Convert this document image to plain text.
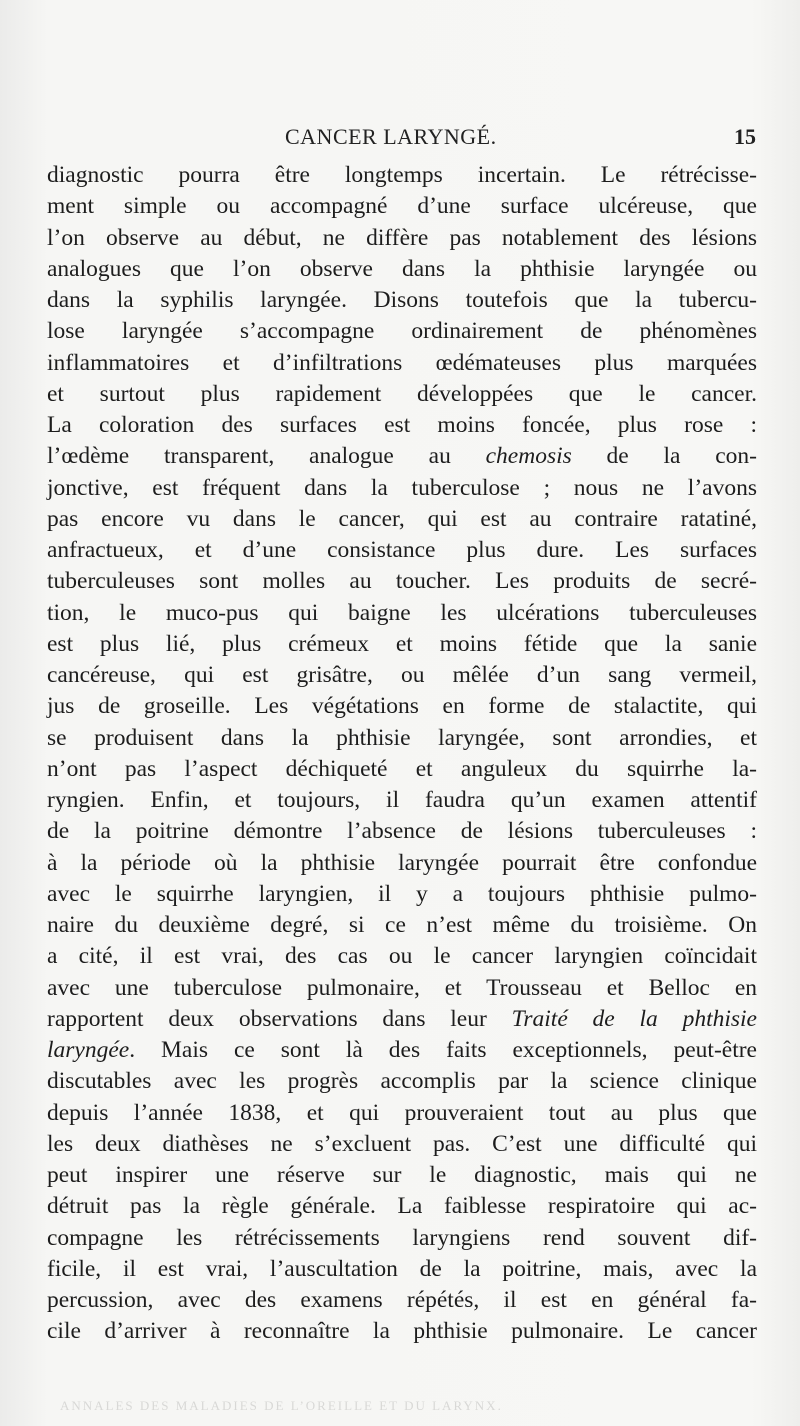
CANCER LARYNGÉ.	15
diagnostic pourra être longtemps incertain. Le rétrécisse-
ment simple ou accompagné d’une surface ulcéreuse, que
l’on observe au début, ne diffère pas notablement des lésions
analogues que l’on observe dans la phthisie laryngée ou
dans la syphilis laryngée. Disons toutefois que la tubercu-
lose laryngée s’accompagne ordinairement de phénomènes
inflammatoires et d’infiltrations œdémateuses plus marquées
et surtout plus rapidement développées que le cancer.
La coloration des surfaces est moins foncée, plus rose :
l’œdème transparent, analogue au chemosis de la con-
jonctive, est fréquent dans la tuberculose ; nous ne l’avons
pas encore vu dans le cancer, qui est au contraire ratatiné,
anfractueux, et d’une consistance plus dure. Les surfaces
tuberculeuses sont molles au toucher. Les produits de secré-
tion, le muco-pus qui baigne les ulcérations tuberculeuses
est plus lié, plus crémeux et moins fétide que la sanie
cancéreuse, qui est grisâtre, ou mêlée d’un sang vermeil,
jus de groseille. Les végétations en forme de stalactite, qui
se produisent dans la phthisie laryngée, sont arrondies, et
n’ont pas l’aspect déchiqueté et anguleux du squirrhe la-
ryngien. Enfin, et toujours, il faudra qu’un examen attentif
de la poitrine démontre l’absence de lésions tuberculeuses :
à la période où la phthisie laryngée pourrait être confondue
avec le squirrhe laryngien, il y a toujours phthisie pulmo-
naire du deuxième degré, si ce n’est même du troisième. On
a cité, il est vrai, des cas ou le cancer laryngien coïncidait
avec une tuberculose pulmonaire, et Trousseau et Belloc en
rapportent deux observations dans leur Traité de la phthisie
laryngée. Mais ce sont là des faits exceptionnels, peut-être
discutables avec les progrès accomplis par la science clinique
depuis l’année 1838, et qui prouveraient tout au plus que
les deux diathèses ne s’excluent pas. C’est une difficulté qui
peut inspirer une réserve sur le diagnostic, mais qui ne
détruit pas la règle générale. La faiblesse respiratoire qui ac-
compagne les rétrécissements laryngiens rend souvent dif-
ficile, il est vrai, l’auscultation de la poitrine, mais, avec la
percussion, avec des examens répétés, il est en général fa-
cile d’arriver à reconnaître la phthisie pulmonaire. Le cancer
ANNALES DES MALADIES DE L’OREILLE ET DU LARYNX.
